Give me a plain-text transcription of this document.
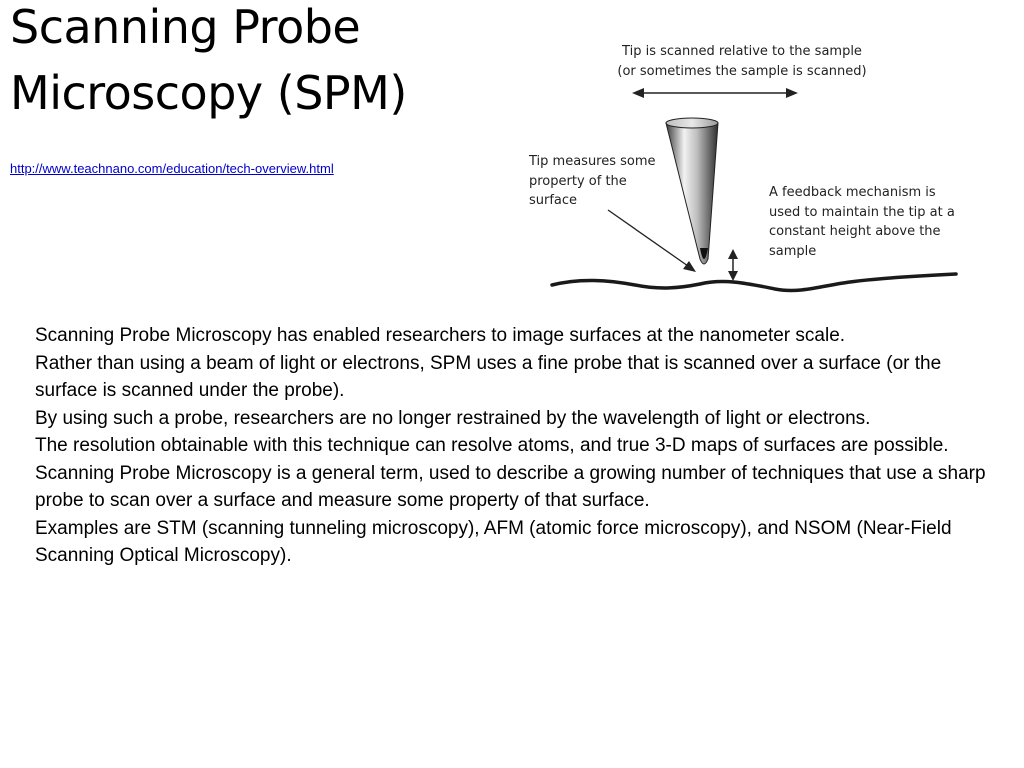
Scanning Probe Microscopy (SPM)
http://www.teachnano.com/education/tech-overview.html
Tip is scanned relative to the sample
(or sometimes the sample is scanned)

Tip measures some property of the surface

A feedback mechanism is used to maintain the tip at a constant height above the sample

Scanning Probe Microscopy has enabled researchers to image surfaces at the nanometer scale.

Rather than using a beam of light or electrons, SPM uses a fine probe that is scanned over a surface (or the surface is scanned under the probe).

By using such a probe, researchers are no longer restrained by the wavelength of light or electrons.

The resolution obtainable with this technique can resolve atoms, and true 3-D maps of surfaces are possible.

Scanning Probe Microscopy is a general term, used to describe a growing number of techniques that use a sharp probe to scan over a surface and measure some property of that surface.

Examples are STM (scanning tunneling microscopy), AFM (atomic force microscopy), and NSOM (Near-Field Scanning Optical Microscopy).
